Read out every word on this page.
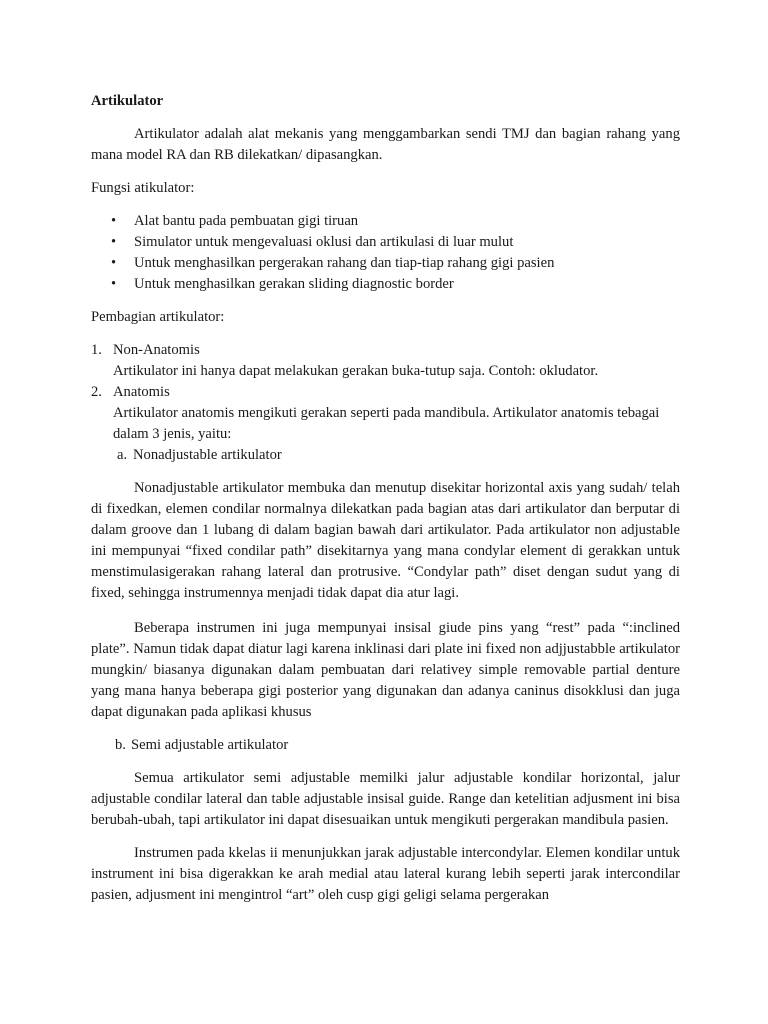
Artikulator

Artikulator adalah alat mekanis yang menggambarkan sendi TMJ dan bagian rahang yang mana model RA dan RB dilekatkan/ dipasangkan.

Fungsi atikulator:

• Alat bantu pada pembuatan gigi tiruan
• Simulator untuk mengevaluasi oklusi dan artikulasi di luar mulut
• Untuk menghasilkan pergerakan rahang dan tiap-tiap rahang gigi pasien
• Untuk menghasilkan gerakan sliding diagnostic border

Pembagian artikulator:

1. Non-Anatomis
Artikulator ini hanya dapat melakukan gerakan buka-tutup saja. Contoh: okludator.
2. Anatomis
Artikulator anatomis mengikuti gerakan seperti pada mandibula. Artikulator anatomis tebagai dalam 3 jenis, yaitu:
a. Nonadjustable artikulator

Nonadjustable artikulator membuka dan menutup disekitar horizontal axis yang sudah/ telah di fixedkan, elemen condilar normalnya dilekatkan pada bagian atas dari artikulator dan berputar di dalam groove dan 1 lubang di dalam bagian bawah dari artikulator. Pada artikulator non adjustable ini mempunyai “fixed condilar path” disekitarnya yang mana condylar element di gerakkan untuk menstimulasigerakan rahang lateral dan protrusive. “Condylar path” diset dengan sudut yang di fixed, sehingga instrumennya menjadi tidak dapat dia atur lagi.

Beberapa instrumen ini juga mempunyai insisal giude pins yang “rest” pada “:inclined plate”. Namun tidak dapat diatur lagi karena inklinasi dari plate ini fixed non adjjustabble artikulator mungkin/ biasanya digunakan dalam pembuatan dari relativey simple removable partial denture yang mana hanya beberapa gigi posterior yang digunakan dan adanya caninus disokklusi dan juga dapat digunakan pada aplikasi khusus

b. Semi adjustable artikulator

Semua artikulator semi adjustable memilki jalur adjustable kondilar horizontal, jalur adjustable condilar lateral dan table adjustable insisal guide. Range dan ketelitian adjusment ini bisa berubah-ubah, tapi artikulator ini dapat disesuaikan untuk mengikuti pergerakan mandibula pasien.

Instrumen pada kkelas ii menunjukkan jarak adjustable intercondylar. Elemen kondilar untuk instrument ini bisa digerakkan ke arah medial atau lateral kurang lebih seperti jarak intercondilar pasien, adjusment ini mengintrol “art” oleh cusp gigi geligi selama pergerakan
